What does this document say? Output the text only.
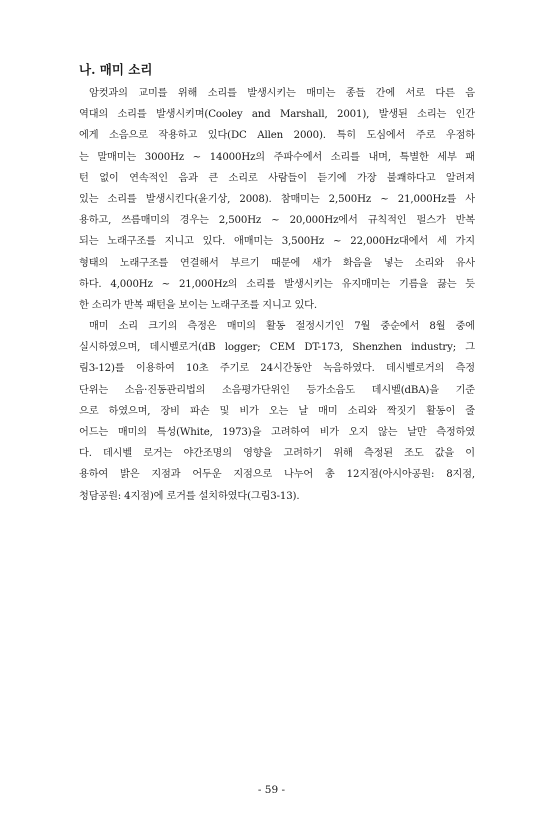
나. 매미 소리
암컷과의 교미를 위해 소리를 발생시키는 매미는 종들 간에 서로 다른 음
역대의 소리를 발생시키며(Cooley and Marshall, 2001), 발생된 소리는 인간
에게 소음으로 작용하고 있다(DC Allen 2000). 특히 도심에서 주로 우점하
는 말매미는 3000Hz ~ 14000Hz의 주파수에서 소리를 내며, 특별한 세부 패
턴 없이 연속적인 음과 큰 소리로 사람들이 듣기에 가장 불쾌하다고 알려져
있는 소리를 발생시킨다(윤기상, 2008). 참매미는 2,500Hz ~ 21,000Hz를 사
용하고, 쓰름매미의 경우는 2,500Hz ~ 20,000Hz에서 규칙적인 펄스가 반복
되는 노래구조를 지니고 있다. 애매미는 3,500Hz ~ 22,000Hz대에서 세 가지
형태의 노래구조를 연결해서 부르기 때문에 새가 화음을 넣는 소리와 유사
하다. 4,000Hz ~ 21,000Hz의 소리를 발생시키는 유지매미는 기름을 끓는 듯
한 소리가 반복 패턴을 보이는 노래구조를 지니고 있다.
매미 소리 크기의 측정은 매미의 활동 절정시기인 7월 중순에서 8월 중에
실시하였으며, 데시벨로거(dB logger; CEM DT-173, Shenzhen industry; 그
림3-12)를 이용하여 10초 주기로 24시간동안 녹음하였다. 데시벨로거의 측정
단위는 소음·진동관리법의 소음평가단위인 등가소음도 데시벨(dBA)을 기준
으로 하였으며, 장비 파손 및 비가 오는 날 매미 소리와 짝짓기 활동이 줄
어드는 매미의 특성(White, 1973)을 고려하여 비가 오지 않는 날만 측정하였
다. 데시벨 로거는 야간조명의 영향을 고려하기 위해 측정된 조도 값을 이
용하여 밝은 지점과 어두운 지점으로 나누어 총 12지점(아시아공원: 8지점,
청담공원: 4지점)에 로거를 설치하였다(그림3-13).
- 59 -
